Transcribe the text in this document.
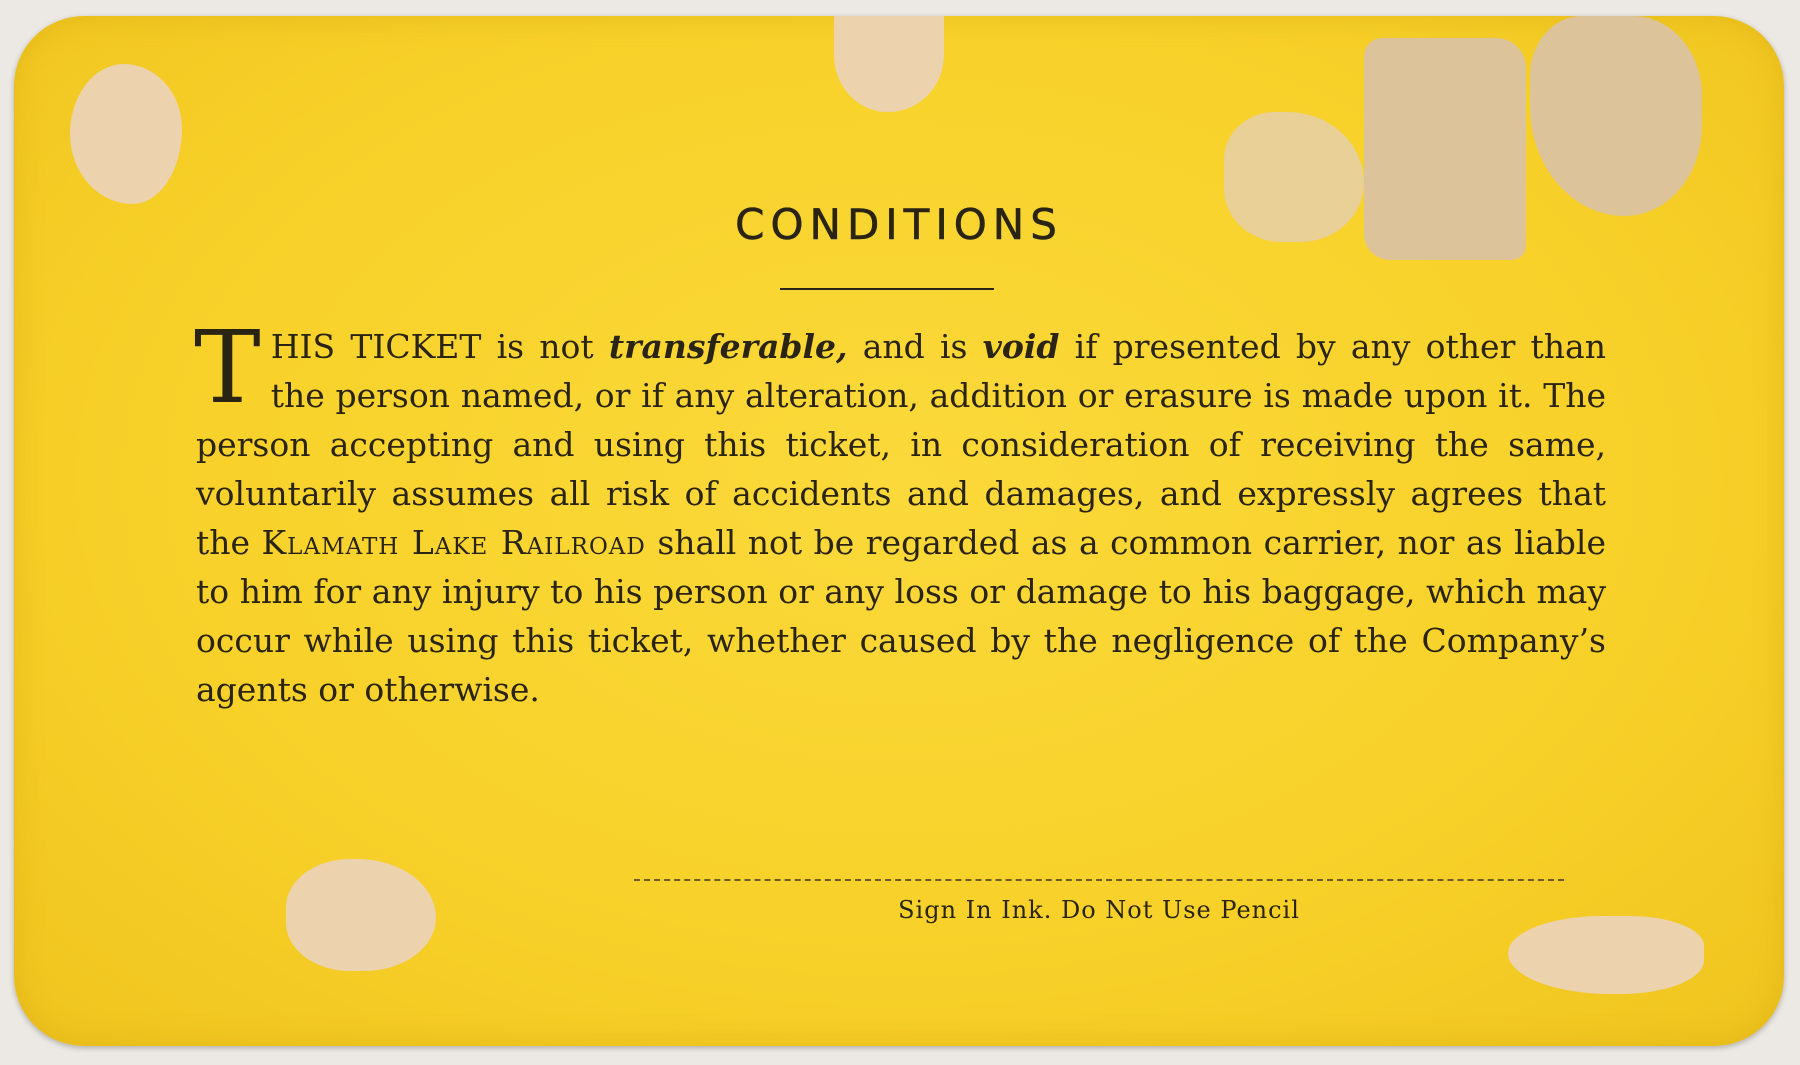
CONDITIONS

THIS TICKET is not transferable, and is void if presented by any other than the person named, or if any alteration, addition or erasure is made upon it. The person accepting and using this ticket, in consideration of receiving the same, voluntarily assumes all risk of accidents and damages, and expressly agrees that the Klamath Lake Railroad shall not be regarded as a common carrier, nor as liable to him for any injury to his person or any loss or damage to his baggage, which may occur while using this ticket, whether caused by the negligence of the Company’s agents or otherwise.

Sign In Ink. Do Not Use Pencil
